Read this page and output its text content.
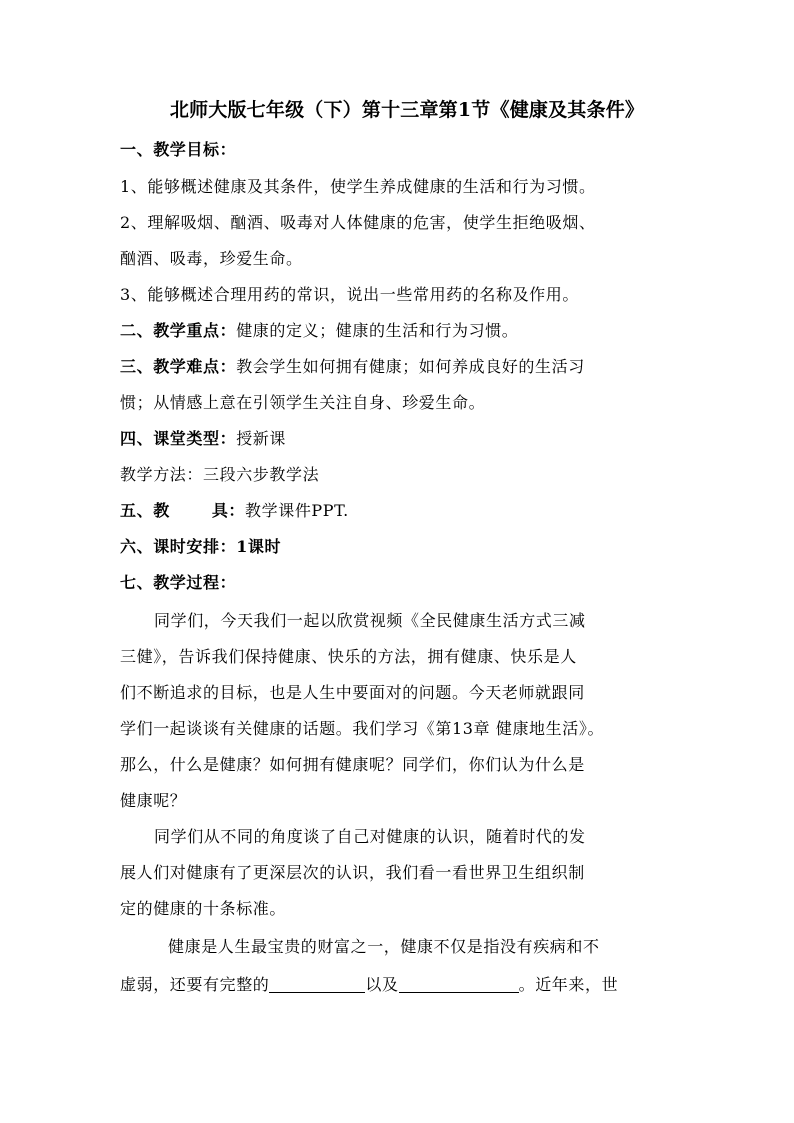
北师大版七年级（下）第十三章第1节《健康及其条件》
一、教学目标：
1、能够概述健康及其条件，使学生养成健康的生活和行为习惯。
2、理解吸烟、酗酒、吸毒对人体健康的危害，使学生拒绝吸烟、
酗酒、吸毒，珍爱生命。
3、能够概述合理用药的常识，说出一些常用药的名称及作用。
二、教学重点：健康的定义；健康的生活和行为习惯。
三、教学难点：教会学生如何拥有健康；如何养成良好的生活习
惯；从情感上意在引领学生关注自身、珍爱生命。
四、课堂类型：授新课
教学方法：三段六步教学法
五、教	具：教学课件PPT.
六、课时安排：1课时
七、教学过程：
同学们，今天我们一起以欣赏视频《全民健康生活方式三减
三健》，告诉我们保持健康、快乐的方法，拥有健康、快乐是人
们不断追求的目标，也是人生中要面对的问题。今天老师就跟同
学们一起谈谈有关健康的话题。我们学习《第13章 健康地生活》。
那么，什么是健康？如何拥有健康呢？同学们，你们认为什么是
健康呢？
同学们从不同的角度谈了自己对健康的认识，随着时代的发
展人们对健康有了更深层次的认识，我们看一看世界卫生组织制
定的健康的十条标准。
健康是人生最宝贵的财富之一，健康不仅是指没有疾病和不
虚弱，还要有完整的	以及	。近年来，世
